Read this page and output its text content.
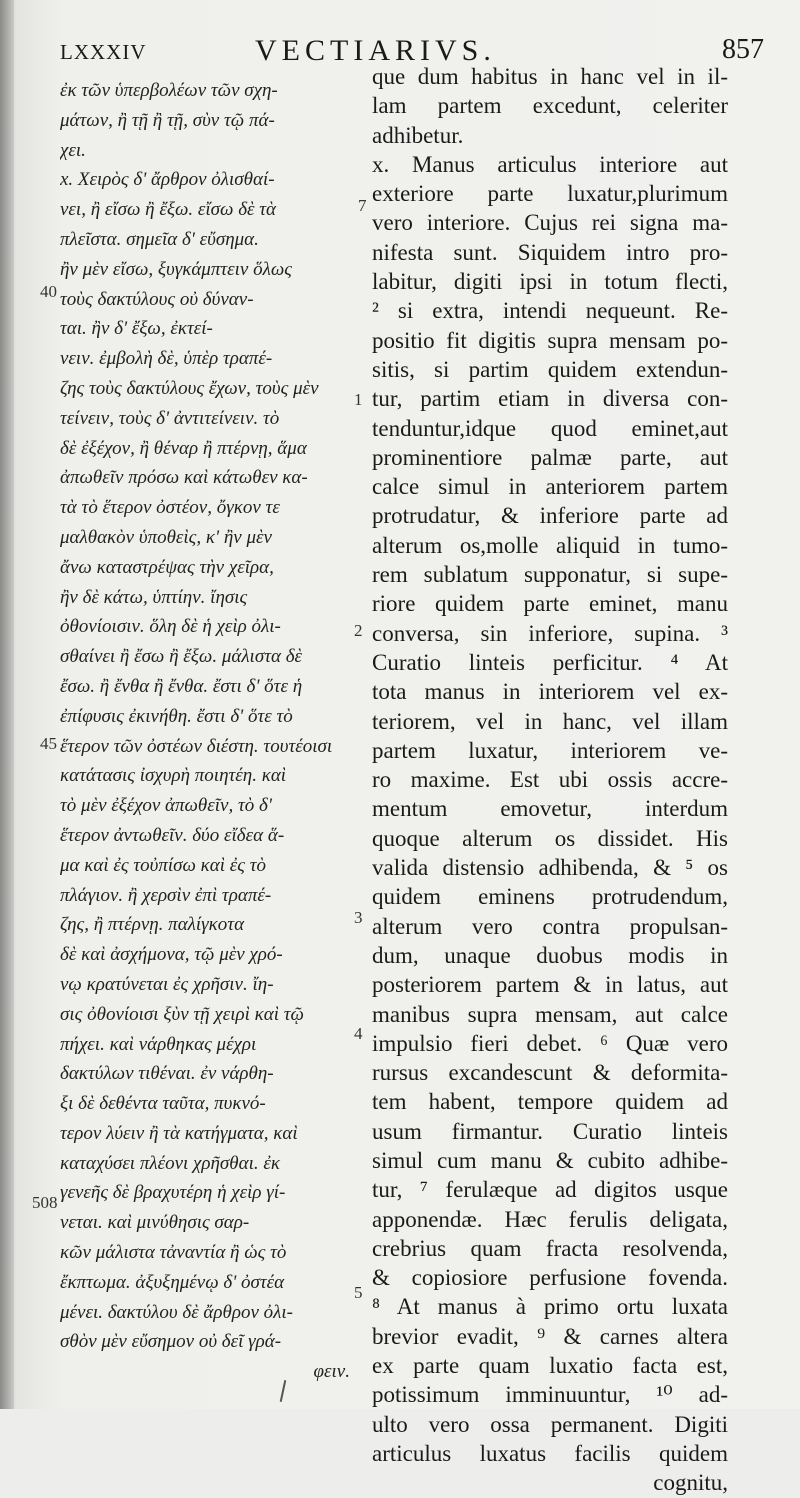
LXXXIV	VECTIARIVS.	857
ἐκ τῶν ὑπερβολέων τῶν σχη-
μάτων, ἢ τῇ ἢ τῇ, σὺν τῷ πά-
χει.
x. Χειρὸς δ' ἄρθρον ὀλισθαί-
νει, ἢ εἴσω ἢ ἔξω. εἴσω δὲ τὰ
πλεῖστα. σημεῖα δ' εὔσημα.
ἢν μὲν εἴσω, ξυγκάμπτειν ὅλως
τοὺς δακτύλους οὐ δύναν-
ται. ἢν δ' ἔξω, ἐκτεί-
νειν. ἐμβολὴ δὲ, ὑπὲρ τραπέ-
ζης τοὺς δακτύλους ἔχων, τοὺς μὲν
τείνειν, τοὺς δ' ἀντιτείνειν. τὸ
δὲ ἐξέχον, ἢ θέναρ ἢ πτέρνῃ, ἅμα
ἀπωθεῖν πρόσω καὶ κάτωθεν κα-
τὰ τὸ ἕτερον ὀστέον, ὄγκον τε
μαλθακὸν ὑποθεὶς, κ' ἢν μὲν
ἄνω καταστρέψας τὴν χεῖρα,
ἢν δὲ κάτω, ὑπτίην. ἴησις
ὀθονίοισιν. ὅλη δὲ ἡ χεὶρ ὀλι-
σθαίνει ἢ ἔσω ἢ ἔξω. μάλιστα δὲ
ἔσω. ἢ ἔνθα ἢ ἔνθα. ἔστι δ' ὅτε ἡ
ἐπίφυσις ἐκινήθη. ἔστι δ' ὅτε τὸ
ἕτερον τῶν ὀστέων διέστη. τουτέοισι
κατάτασις ἰσχυρὴ ποιητέη. καὶ
τὸ μὲν ἐξέχον ἀπωθεῖν, τὸ δ'
ἕτερον ἀντωθεῖν. δύο εἴδεα ἅ-
μα καὶ ἐς τοὐπίσω καὶ ἐς τὸ
πλάγιον. ἢ χερσὶν ἐπὶ τραπέ-
ζης, ἢ πτέρνῃ. παλίγκοτα
δὲ καὶ ἀσχήμονα, τῷ μὲν χρό-
νῳ κρατύνεται ἐς χρῆσιν. ἴη-
σις ὀθονίοισι ξὺν τῇ χειρὶ καὶ τῷ
πήχει. καὶ νάρθηκας μέχρι
δακτύλων τιθέναι. ἐν νάρθη-
ξι δὲ δεθέντα ταῦτα, πυκνό-
τερον λύειν ἢ τὰ κατήγματα, καὶ
καταχύσει πλέονι χρῆσθαι. ἐκ
γενεῆς δὲ βραχυτέρη ἡ χεὶρ γί-
νεται. καὶ μινύθησις σαρ-
κῶν μάλιστα τἀναντία ἢ ὡς τὸ
ἔκπτωμα. ἀξυξημένῳ δ' ὀστέα
μένει. δακτύλου δὲ ἄρθρον ὀλι-
σθὸν μὲν εὔσημον οὐ δεῖ γρά-
φειν.
que dum habitus in hanc vel in il-
lam partem excedunt, celeriter
adhibetur.
x. Manus articulus interiore aut
exteriore parte luxatur,plurimum
vero interiore. Cujus rei signa ma-
nifesta sunt. Siquidem intro pro-
labitur, digiti ipsi in totum flecti,
² si extra, intendi nequeunt. Re-
positio fit digitis supra mensam po-
sitis, si partim quidem extendun-
tur, partim etiam in diversa con-
tenduntur,idque quod eminet,aut
prominentiore palmæ parte, aut
calce simul in anteriorem partem
protrudatur, & inferiore parte ad
alterum os,molle aliquid in tumo-
rem sublatum supponatur, si supe-
riore quidem parte eminet, manu
conversa, sin inferiore, supina. ³
Curatio linteis perficitur. ⁴ At
tota manus in interiorem vel ex-
teriorem, vel in hanc, vel illam
partem luxatur, interiorem ve-
ro maxime. Est ubi ossis accre-
mentum emovetur, interdum
quoque alterum os dissidet. His
valida distensio adhibenda, & ⁵ os
quidem eminens protrudendum,
alterum vero contra propulsan-
dum, unaque duobus modis in
posteriorem partem & in latus, aut
manibus supra mensam, aut calce
impulsio fieri debet. ⁶ Quæ vero
rursus excandescunt & deformita-
tem habent, tempore quidem ad
usum firmantur. Curatio linteis
simul cum manu & cubito adhibe-
tur, ⁷ ferulæque ad digitos usque
apponendæ. Hæc ferulis deligata,
crebrius quam fracta resolvenda,
& copiosiore perfusione fovenda.
⁸ At manus à primo ortu luxata
brevior evadit, ⁹ & carnes altera
ex parte quam luxatio facta est,
potissimum imminuuntur, ¹⁰ ad-
ulto vero ossa permanent. Digiti
articulus luxatus facilis quidem
cognitu,
40
45
508
7
1
2
3
4
5
